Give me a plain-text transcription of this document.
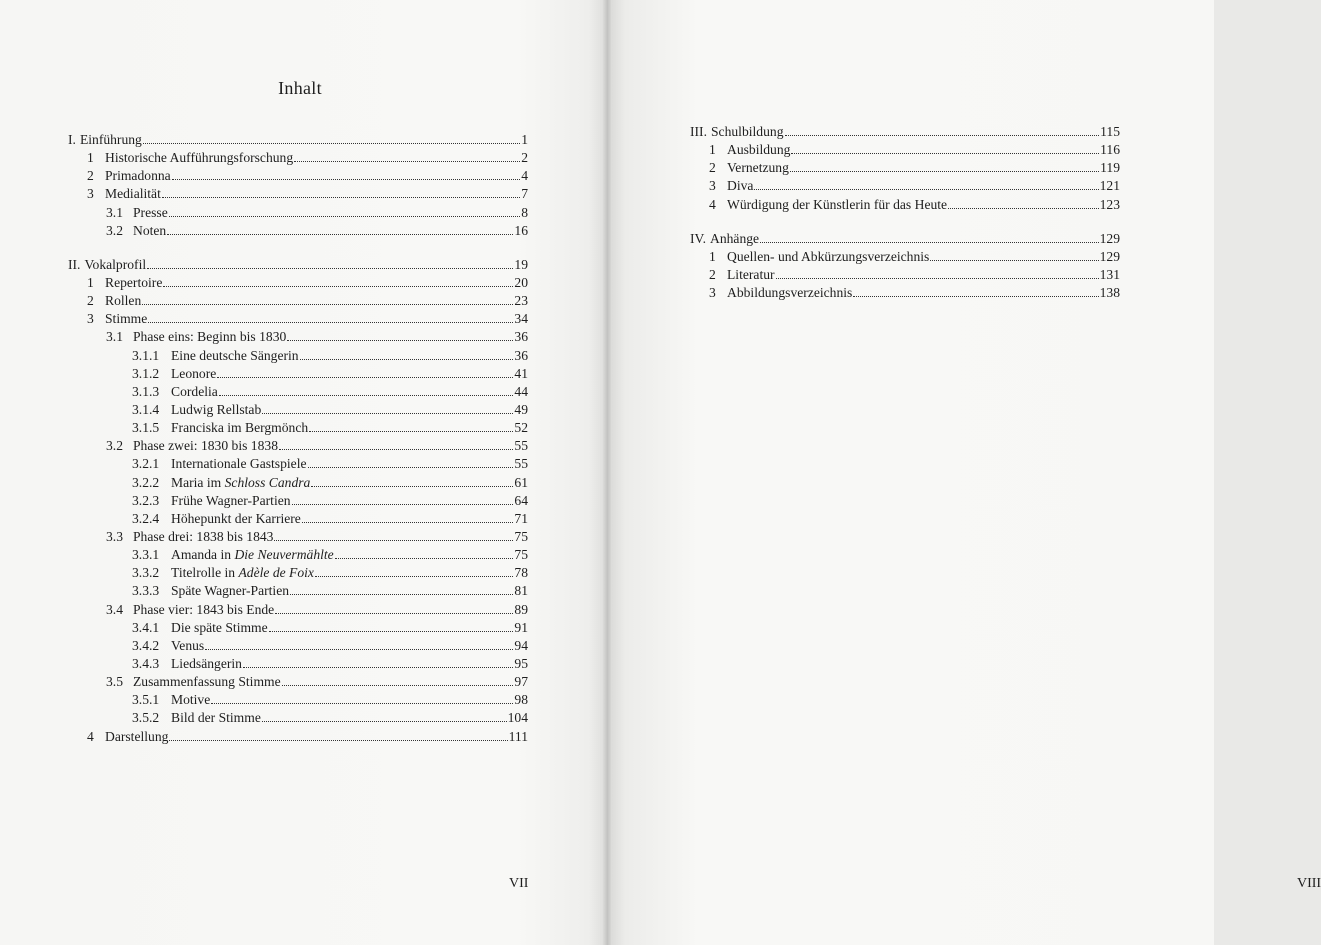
Inhalt
I. Einführung	1
1 Historische Aufführungsforschung	2
2 Primadonna	4
3 Medialität	7
3.1 Presse	8
3.2 Noten	16
II. Vokalprofil	19
1 Repertoire	20
2 Rollen	23
3 Stimme	34
3.1 Phase eins: Beginn bis 1830	36
3.1.1 Eine deutsche Sängerin	36
3.1.2 Leonore	41
3.1.3 Cordelia	44
3.1.4 Ludwig Rellstab	49
3.1.5 Franciska im Bergmönch	52
3.2 Phase zwei: 1830 bis 1838	55
3.2.1 Internationale Gastspiele	55
3.2.2 Maria im Schloss Candra	61
3.2.3 Frühe Wagner-Partien	64
3.2.4 Höhepunkt der Karriere	71
3.3 Phase drei: 1838 bis 1843	75
3.3.1 Amanda in Die Neuvermählte	75
3.3.2 Titelrolle in Adèle de Foix	78
3.3.3 Späte Wagner-Partien	81
3.4 Phase vier: 1843 bis Ende	89
3.4.1 Die späte Stimme	91
3.4.2 Venus	94
3.4.3 Liedsängerin	95
3.5 Zusammenfassung Stimme	97
3.5.1 Motive	98
3.5.2 Bild der Stimme	104
4 Darstellung	111
VII	VIII
III. Schulbildung	115
1 Ausbildung	116
2 Vernetzung	119
3 Diva	121
4 Würdigung der Künstlerin für das Heute	123
IV. Anhänge	129
1 Quellen- und Abkürzungsverzeichnis	129
2 Literatur	131
3 Abbildungsverzeichnis	138
